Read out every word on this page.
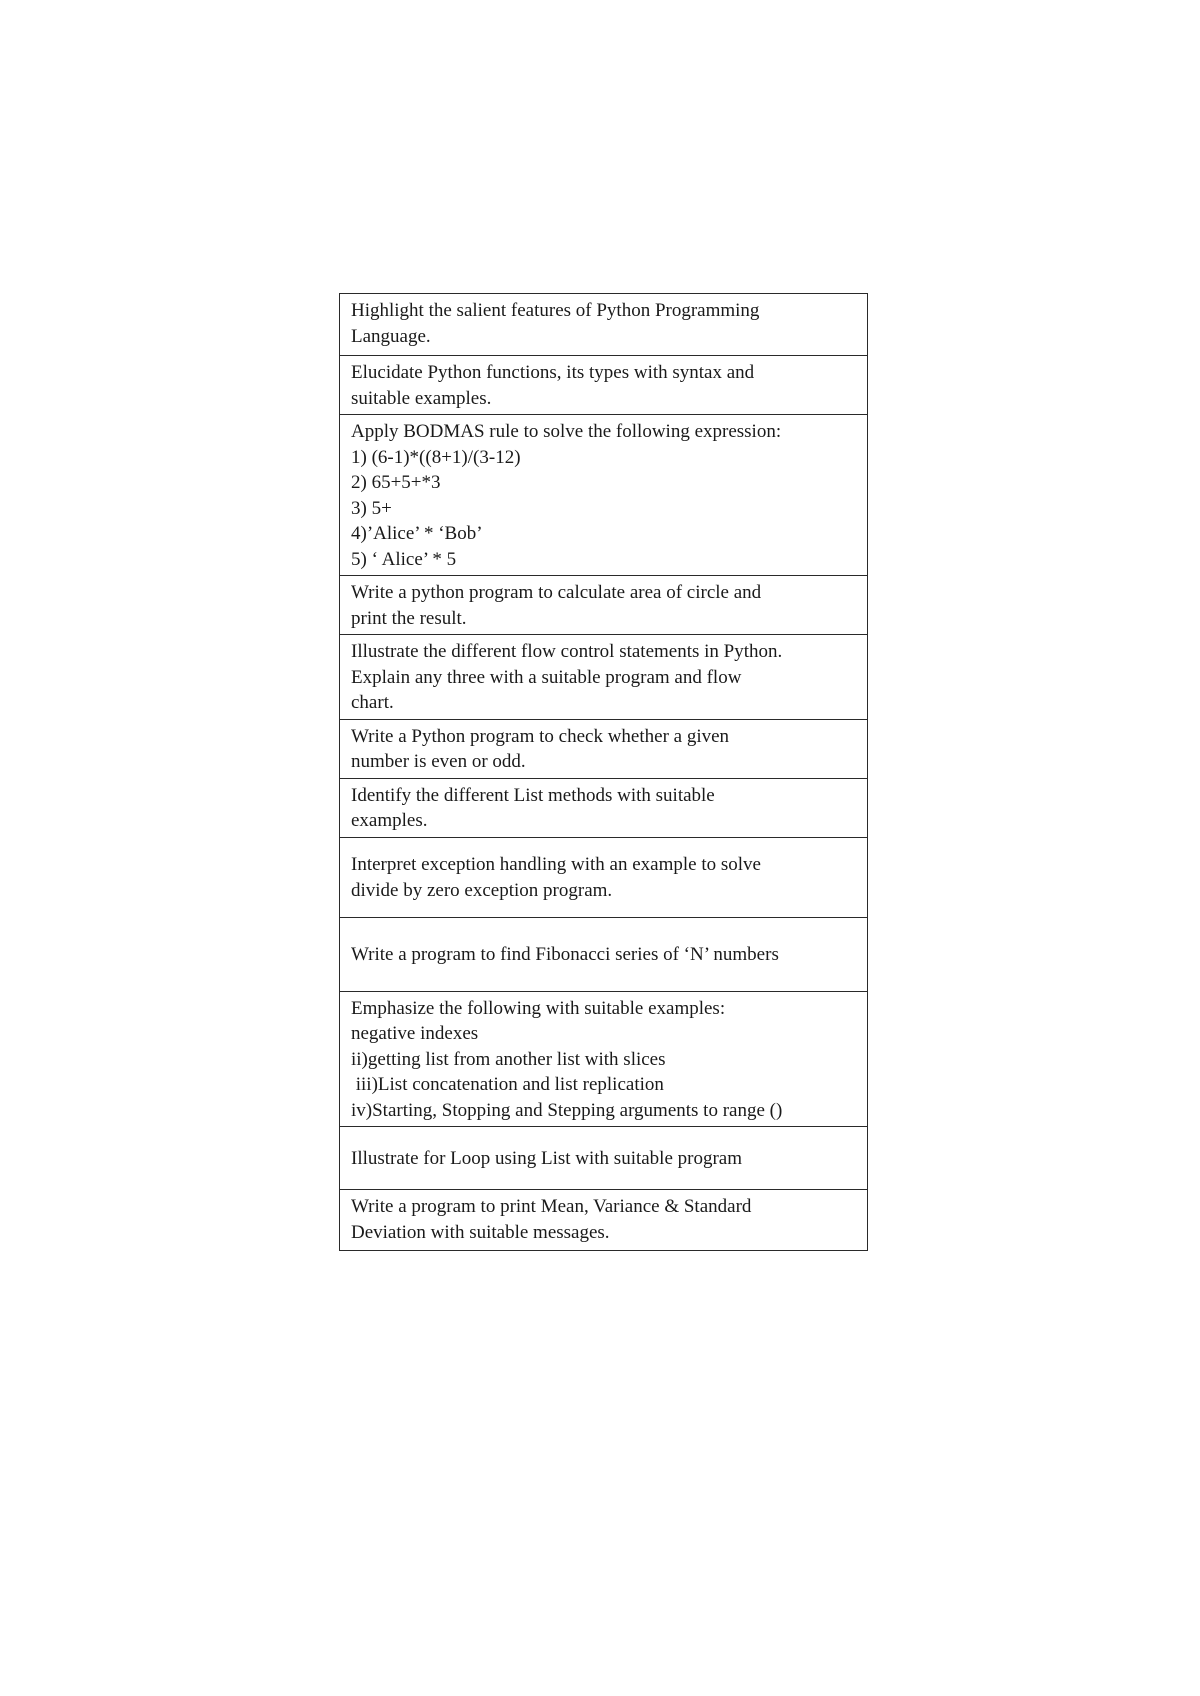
Highlight the salient features of Python Programming
Language.

Elucidate Python functions, its types with syntax and
suitable examples.

Apply BODMAS rule to solve the following expression:
1) (6-1)*((8+1)/(3-12)
2) 65+5+*3
3) 5+
4)’Alice’ * ‘Bob’
5) ‘ Alice’ * 5

Write a python program to calculate area of circle and
print the result.

Illustrate the different flow control statements in Python.
Explain any three with a suitable program and flow
chart.

Write a Python program to check whether a given
number is even or odd.

Identify the different List methods with suitable
examples.

Interpret exception handling with an example to solve
divide by zero exception program.

Write a program to find Fibonacci series of ‘N’ numbers

Emphasize the following with suitable examples:
negative indexes
ii)getting list from another list with slices
iii)List concatenation and list replication
iv)Starting, Stopping and Stepping arguments to range ()

Illustrate for Loop using List with suitable program

Write a program to print Mean, Variance & Standard
Deviation with suitable messages.
